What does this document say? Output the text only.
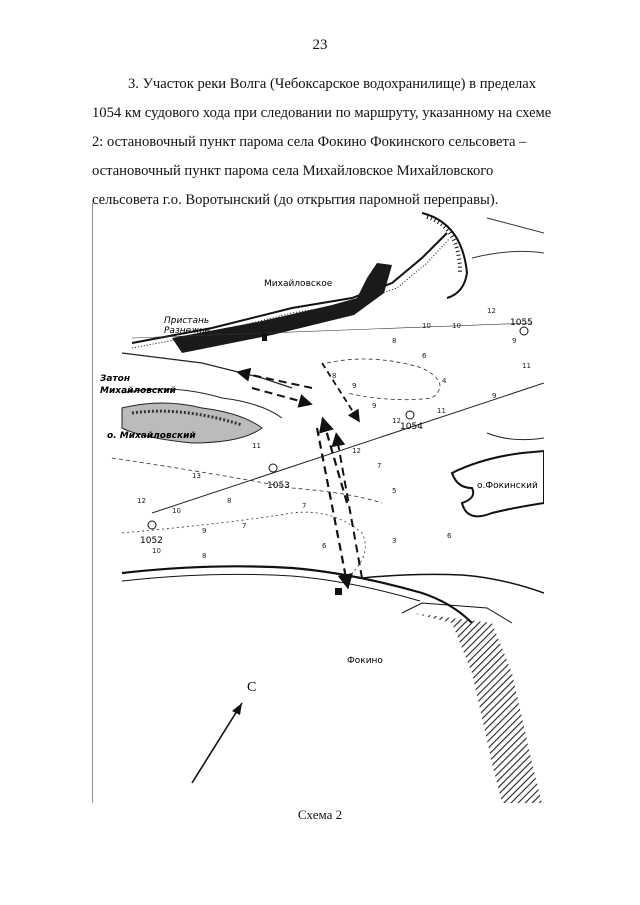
23
3. Участок реки Волга (Чебоксарское водохранилище) в пределах
1054 км судового хода при следовании по маршруту, указанному на схеме
2: остановочный пункт парома села Фокино Фокинского сельсовета –
остановочный пункт парома села Михайловское Михайловского
сельсовета г.о. Воротынский (до открытия паромной переправы).
10	10
12
8
6
4
8
9
9
12
11
9
12
7
5
11
13
8
10
12
9
7
7
10
8
6
3
6
9
11
С
Михайловское
Пристань
Разнежье
Затон
Михайловский
о. Михайловский
о.Фокинский
Фокино
1054
1053
1052
1055
Схема 2
